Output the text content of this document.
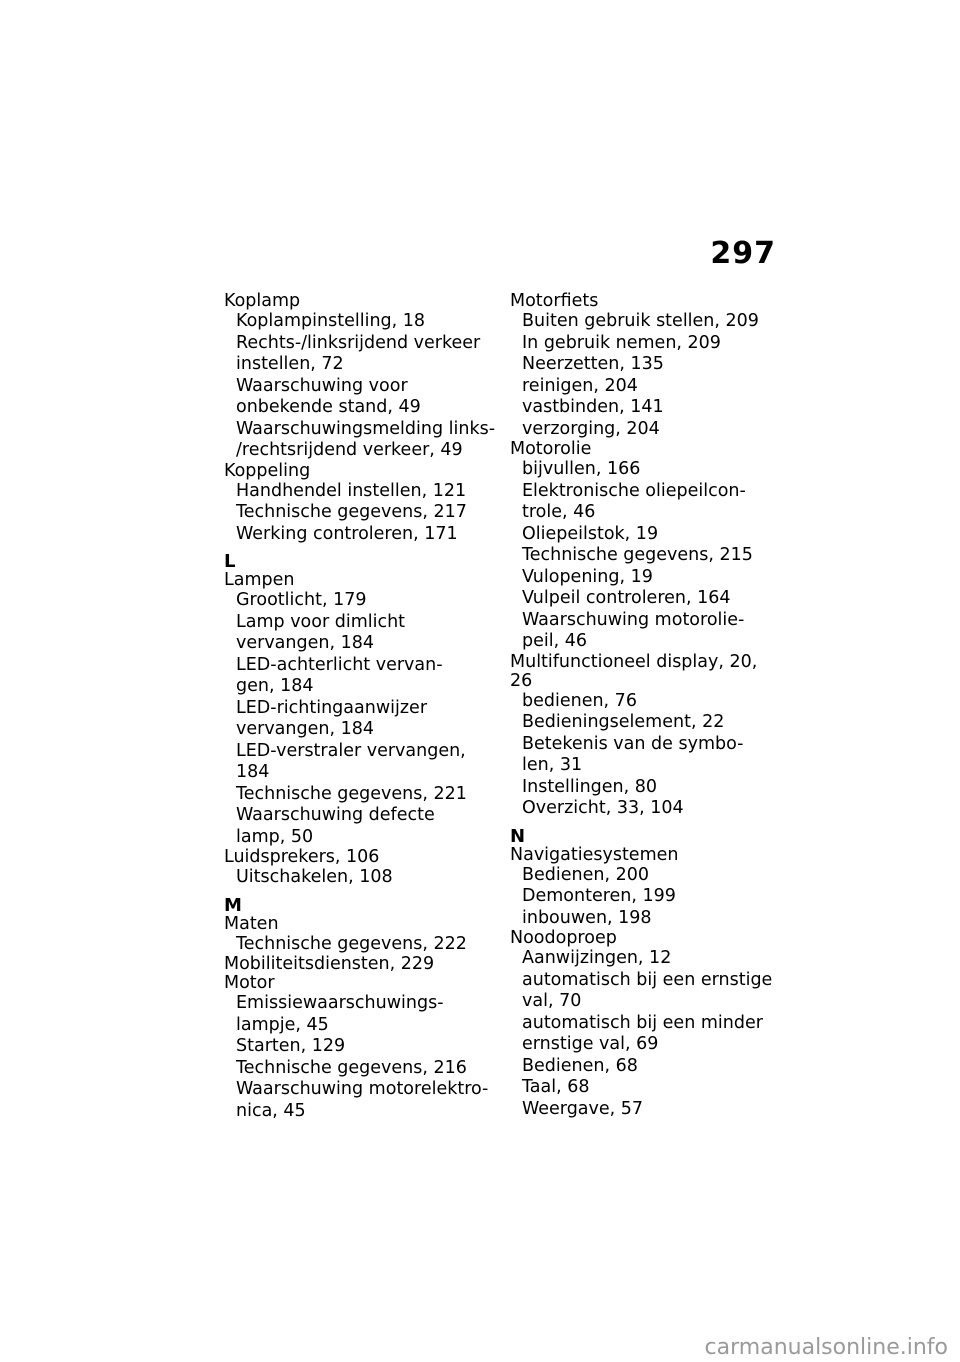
297
Koplamp
Koplampinstelling, 18
Rechts-/linksrijdend verkeer
instellen, 72
Waarschuwing voor
onbekende stand, 49
Waarschuwingsmelding links-
/rechtsrijdend verkeer, 49
Koppeling
Handhendel instellen, 121
Technische gegevens, 217
Werking controleren, 171
L
Lampen
Grootlicht, 179
Lamp voor dimlicht
vervangen, 184
LED-achterlicht vervan-
gen, 184
LED-richtingaanwijzer
vervangen, 184
LED-verstraler vervangen, 184
Technische gegevens, 221
Waarschuwing defecte
lamp, 50
Luidsprekers, 106
Uitschakelen, 108
M
Maten
Technische gegevens, 222
Mobiliteitsdiensten, 229
Motor
Emissiewaarschuwings-
lampje, 45
Starten, 129
Technische gegevens, 216
Waarschuwing motorelektro-
nica, 45
Motorfiets
Buiten gebruik stellen, 209
In gebruik nemen, 209
Neerzetten, 135
reinigen, 204
vastbinden, 141
verzorging, 204
Motorolie
bijvullen, 166
Elektronische oliepeilcon-
trole, 46
Oliepeilstok, 19
Technische gegevens, 215
Vulopening, 19
Vulpeil controleren, 164
Waarschuwing motorolie-
peil, 46
Multifunctioneel display, 20, 26
bedienen, 76
Bedieningselement, 22
Betekenis van de symbo-
len, 31
Instellingen, 80
Overzicht, 33, 104
N
Navigatiesystemen
Bedienen, 200
Demonteren, 199
inbouwen, 198
Noodoproep
Aanwijzingen, 12
automatisch bij een ernstige
val, 70
automatisch bij een minder
ernstige val, 69
Bedienen, 68
Taal, 68
Weergave, 57
carmanualsonline.info
